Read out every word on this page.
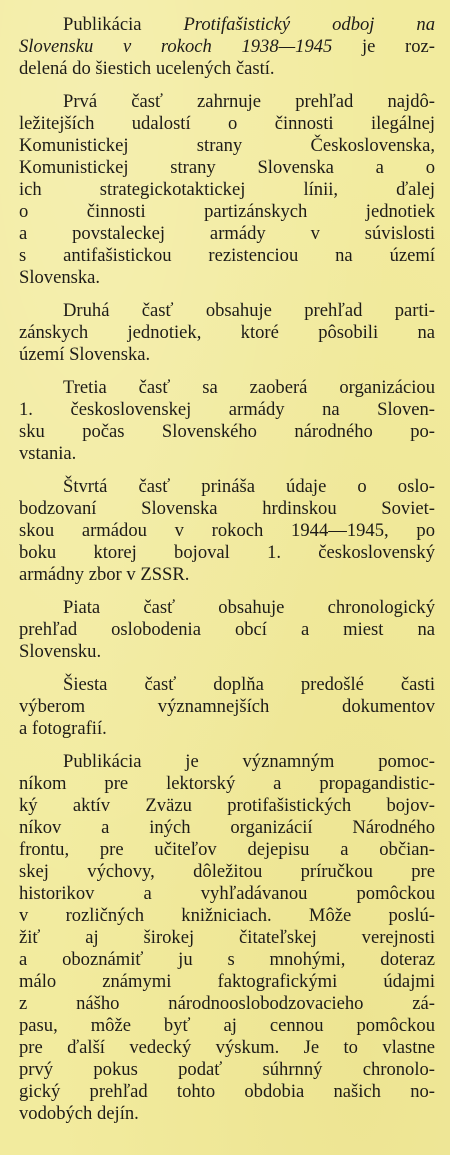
Publikácia Protifašistický odboj na
Slovensku v rokoch 1938—1945 je roz-
delená do šiestich ucelených častí.

Prvá časť zahrnuje prehľad najdô-
ležitejších udalostí o činnosti ilegálnej
Komunistickej strany Československa,
Komunistickej strany Slovenska a o
ich strategickotaktickej línii, ďalej
o činnosti partizánskych jednotiek
a povstaleckej armády v súvislosti
s antifašistickou rezistenciou na území
Slovenska.

Druhá časť obsahuje prehľad parti-
zánskych jednotiek, ktoré pôsobili na
území Slovenska.

Tretia časť sa zaoberá organizáciou
1. československej armády na Sloven-
sku počas Slovenského národného po-
vstania.

Štvrtá časť prináša údaje o oslo-
bodzovaní Slovenska hrdinskou Soviet-
skou armádou v rokoch 1944—1945, po
boku ktorej bojoval 1. československý
armádny zbor v ZSSR.

Piata časť obsahuje chronologický
prehľad oslobodenia obcí a miest na
Slovensku.

Šiesta časť doplňa predošlé časti
výberom významnejších dokumentov
a fotografií.

Publikácia je významným pomoc-
níkom pre lektorský a propagandistic-
ký aktív Zväzu protifašistických bojov-
níkov a iných organizácií Národného
frontu, pre učiteľov dejepisu a občian-
skej výchovy, dôležitou príručkou pre
historikov a vyhľadávanou pomôckou
v rozličných knižniciach. Môže poslú-
žiť aj širokej čitateľskej verejnosti
a oboznámiť ju s mnohými, doteraz
málo známymi faktografickými údajmi
z nášho národnooslobodzovacieho zá-
pasu, môže byť aj cennou pomôckou
pre ďalší vedecký výskum. Je to vlastne
prvý pokus podať súhrnný chronolo-
gický prehľad tohto obdobia našich no-
vodobých dejín.
